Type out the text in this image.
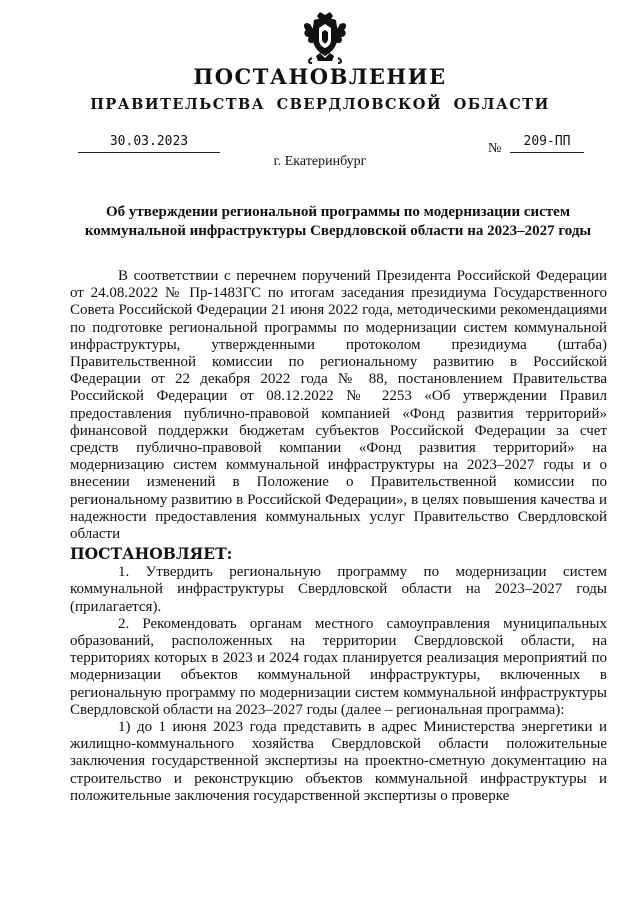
ПОСТАНОВЛЕНИЕ
ПРАВИТЕЛЬСТВА СВЕРДЛОВСКОЙ ОБЛАСТИ
30.03.2023	№	209-ПП
г. Екатеринбург
Об утверждении региональной программы по модернизации систем коммунальной инфраструктуры Свердловской области на 2023–2027 годы

В соответствии с перечнем поручений Президента Российской Федерации от 24.08.2022 № Пр-1483ГС по итогам заседания президиума Государственного Совета Российской Федерации 21 июня 2022 года, методическими рекомендациями по подготовке региональной программы по модернизации систем коммунальной инфраструктуры, утвержденными протоколом президиума (штаба) Правительственной комиссии по региональному развитию в Российской Федерации от 22 декабря 2022 года № 88, постановлением Правительства Российской Федерации от 08.12.2022 № 2253 «Об утверждении Правил предоставления публично-правовой компанией «Фонд развития территорий» финансовой поддержки бюджетам субъектов Российской Федерации за счет средств публично-правовой компании «Фонд развития территорий» на модернизацию систем коммунальной инфраструктуры на 2023–2027 годы и о внесении изменений в Положение о Правительственной комиссии по региональному развитию в Российской Федерации», в целях повышения качества и надежности предоставления коммунальных услуг Правительство Свердловской области

ПОСТАНОВЛЯЕТ:

1. Утвердить региональную программу по модернизации систем коммунальной инфраструктуры Свердловской области на 2023–2027 годы (прилагается).

2. Рекомендовать органам местного самоуправления муниципальных образований, расположенных на территории Свердловской области, на территориях которых в 2023 и 2024 годах планируется реализация мероприятий по модернизации объектов коммунальной инфраструктуры, включенных в региональную программу по модернизации систем коммунальной инфраструктуры Свердловской области на 2023–2027 годы (далее – региональная программа):

1) до 1 июня 2023 года представить в адрес Министерства энергетики и жилищно-коммунального хозяйства Свердловской области положительные заключения государственной экспертизы на проектно-сметную документацию на строительство и реконструкцию объектов коммунальной инфраструктуры и положительные заключения государственной экспертизы о проверке
